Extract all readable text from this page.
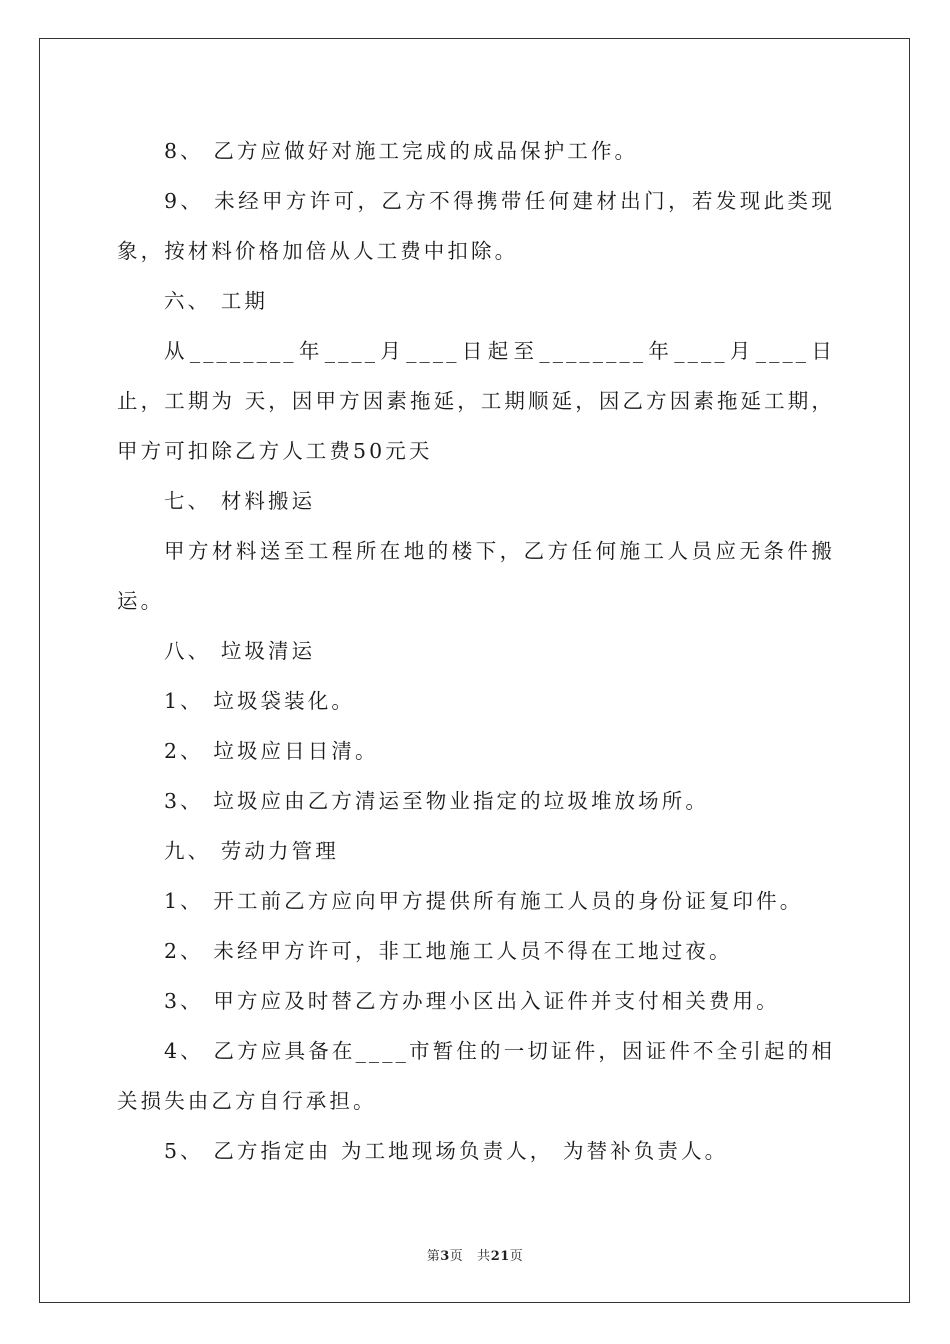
8、 乙方应做好对施工完成的成品保护工作。

9、 未经甲方许可，乙方不得携带任何建材出门，若发现此类现象，按材料价格加倍从人工费中扣除。

六、 工期

从________年____月____日起至________年____月____日止，工期为 天，因甲方因素拖延，工期顺延，因乙方因素拖延工期，甲方可扣除乙方人工费50元天

七、 材料搬运

甲方材料送至工程所在地的楼下，乙方任何施工人员应无条件搬运。

八、 垃圾清运

1、 垃圾袋装化。

2、 垃圾应日日清。

3、 垃圾应由乙方清运至物业指定的垃圾堆放场所。

九、 劳动力管理

1、 开工前乙方应向甲方提供所有施工人员的身份证复印件。

2、 未经甲方许可，非工地施工人员不得在工地过夜。

3、 甲方应及时替乙方办理小区出入证件并支付相关费用。

4、 乙方应具备在____市暂住的一切证件，因证件不全引起的相关损失由乙方自行承担。

5、 乙方指定由 为工地现场负责人， 为替补负责人。

第3页 共21页
